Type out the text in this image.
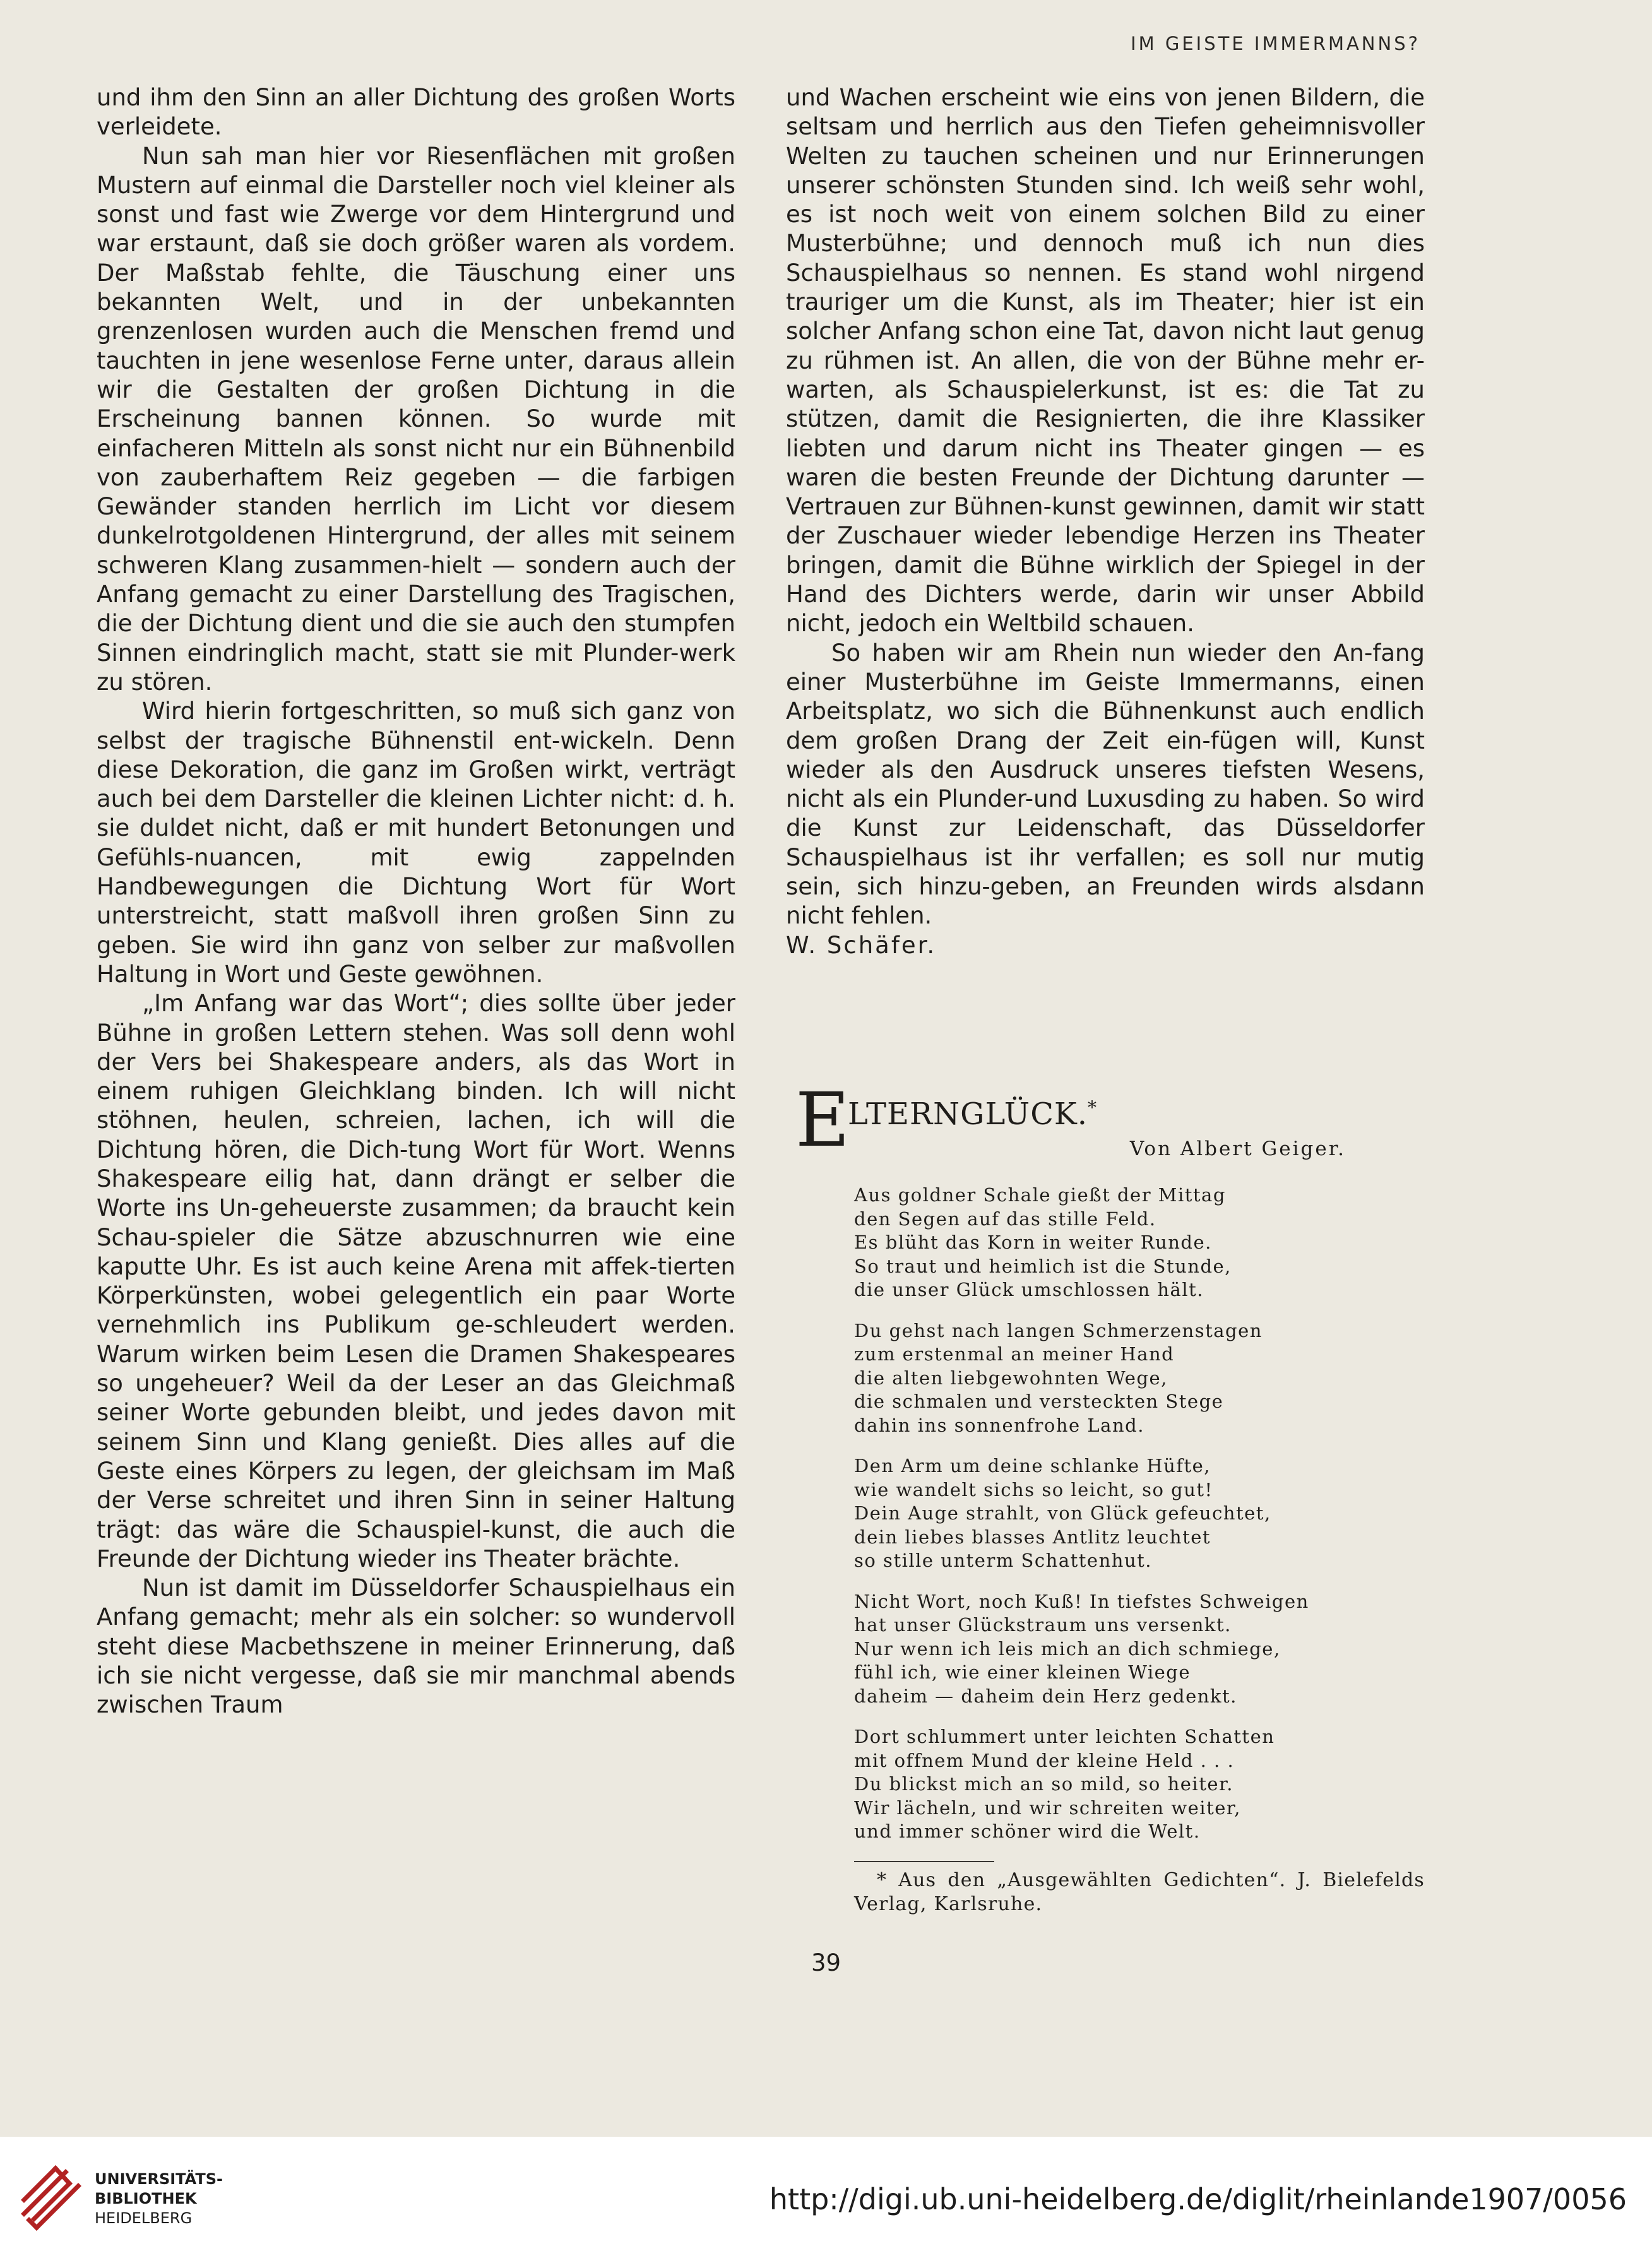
IM GEISTE IMMERMANNS?

und ihm den Sinn an aller Dichtung des großen Worts verleidete.

Nun sah man hier vor Riesenflächen mit großen Mustern auf einmal die Darsteller noch viel kleiner als sonst und fast wie Zwerge vor dem Hintergrund und war erstaunt, daß sie doch größer waren als vordem. Der Maßstab fehlte, die Täuschung einer uns bekannten Welt, und in der unbekannten grenzenlosen wurden auch die Menschen fremd und tauchten in jene wesenlose Ferne unter, daraus allein wir die Gestalten der großen Dichtung in die Erscheinung bannen können. So wurde mit einfacheren Mitteln als sonst nicht nur ein Bühnenbild von zauberhaftem Reiz gegeben — die farbigen Gewänder standen herrlich im Licht vor diesem dunkelrotgoldenen Hintergrund, der alles mit seinem schweren Klang zusammen-hielt — sondern auch der Anfang gemacht zu einer Darstellung des Tragischen, die der Dichtung dient und die sie auch den stumpfen Sinnen eindringlich macht, statt sie mit Plunder-werk zu stören.

Wird hierin fortgeschritten, so muß sich ganz von selbst der tragische Bühnenstil ent-wickeln. Denn diese Dekoration, die ganz im Großen wirkt, verträgt auch bei dem Darsteller die kleinen Lichter nicht: d. h. sie duldet nicht, daß er mit hundert Betonungen und Gefühls-nuancen, mit ewig zappelnden Handbewegungen die Dichtung Wort für Wort unterstreicht, statt maßvoll ihren großen Sinn zu geben. Sie wird ihn ganz von selber zur maßvollen Haltung in Wort und Geste gewöhnen.

„Im Anfang war das Wort“; dies sollte über jeder Bühne in großen Lettern stehen. Was soll denn wohl der Vers bei Shakespeare anders, als das Wort in einem ruhigen Gleichklang binden. Ich will nicht stöhnen, heulen, schreien, lachen, ich will die Dichtung hören, die Dich-tung Wort für Wort. Wenns Shakespeare eilig hat, dann drängt er selber die Worte ins Un-geheuerste zusammen; da braucht kein Schau-spieler die Sätze abzuschnurren wie eine kaputte Uhr. Es ist auch keine Arena mit affek-tierten Körperkünsten, wobei gelegentlich ein paar Worte vernehmlich ins Publikum ge-schleudert werden. Warum wirken beim Lesen die Dramen Shakespeares so ungeheuer? Weil da der Leser an das Gleichmaß seiner Worte gebunden bleibt, und jedes davon mit seinem Sinn und Klang genießt. Dies alles auf die Geste eines Körpers zu legen, der gleichsam im Maß der Verse schreitet und ihren Sinn in seiner Haltung trägt: das wäre die Schauspiel-kunst, die auch die Freunde der Dichtung wieder ins Theater brächte.

Nun ist damit im Düsseldorfer Schauspielhaus ein Anfang gemacht; mehr als ein solcher: so wundervoll steht diese Macbethszene in meiner Erinnerung, daß ich sie nicht vergesse, daß sie mir manchmal abends zwischen Traum

und Wachen erscheint wie eins von jenen Bildern, die seltsam und herrlich aus den Tiefen geheimnisvoller Welten zu tauchen scheinen und nur Erinnerungen unserer schönsten Stunden sind. Ich weiß sehr wohl, es ist noch weit von einem solchen Bild zu einer Musterbühne; und dennoch muß ich nun dies Schauspielhaus so nennen. Es stand wohl nirgend trauriger um die Kunst, als im Theater; hier ist ein solcher Anfang schon eine Tat, davon nicht laut genug zu rühmen ist. An allen, die von der Bühne mehr er-warten, als Schauspielerkunst, ist es: die Tat zu stützen, damit die Resignierten, die ihre Klassiker liebten und darum nicht ins Theater gingen — es waren die besten Freunde der Dichtung darunter — Vertrauen zur Bühnen-kunst gewinnen, damit wir statt der Zuschauer wieder lebendige Herzen ins Theater bringen, damit die Bühne wirklich der Spiegel in der Hand des Dichters werde, darin wir unser Abbild nicht, jedoch ein Weltbild schauen.

So haben wir am Rhein nun wieder den An-fang einer Musterbühne im Geiste Immermanns, einen Arbeitsplatz, wo sich die Bühnenkunst auch endlich dem großen Drang der Zeit ein-fügen will, Kunst wieder als den Ausdruck unseres tiefsten Wesens, nicht als ein Plunder-und Luxusding zu haben. So wird die Kunst zur Leidenschaft, das Düsseldorfer Schauspielhaus ist ihr verfallen; es soll nur mutig sein, sich hinzu-geben, an Freunden wirds alsdann nicht fehlen.

W. Schäfer.

E
LTERNGLÜCK.*
Von Albert Geiger.
Aus goldner Schale gießt der Mittag
den Segen auf das stille Feld.
Es blüht das Korn in weiter Runde.
So traut und heimlich ist die Stunde,
die unser Glück umschlossen hält.
Du gehst nach langen Schmerzenstagen
zum erstenmal an meiner Hand
die alten liebgewohnten Wege,
die schmalen und versteckten Stege
dahin ins sonnenfrohe Land.
Den Arm um deine schlanke Hüfte,
wie wandelt sichs so leicht, so gut!
Dein Auge strahlt, von Glück gefeuchtet,
dein liebes blasses Antlitz leuchtet
so stille unterm Schattenhut.
Nicht Wort, noch Kuß! In tiefstes Schweigen
hat unser Glückstraum uns versenkt.
Nur wenn ich leis mich an dich schmiege,
fühl ich, wie einer kleinen Wiege
daheim — daheim dein Herz gedenkt.
Dort schlummert unter leichten Schatten
mit offnem Mund der kleine Held . . .
Du blickst mich an so mild, so heiter.
Wir lächeln, und wir schreiten weiter,
und immer schöner wird die Welt.

* Aus den „Ausgewählten Gedichten“. J. Bielefelds Verlag, Karlsruhe.

39
UNIVERSITÄTS-
BIBLIOTHEK
HEIDELBERG
http://digi.ub.uni-heidelberg.de/diglit/rheinlande1907/0056
